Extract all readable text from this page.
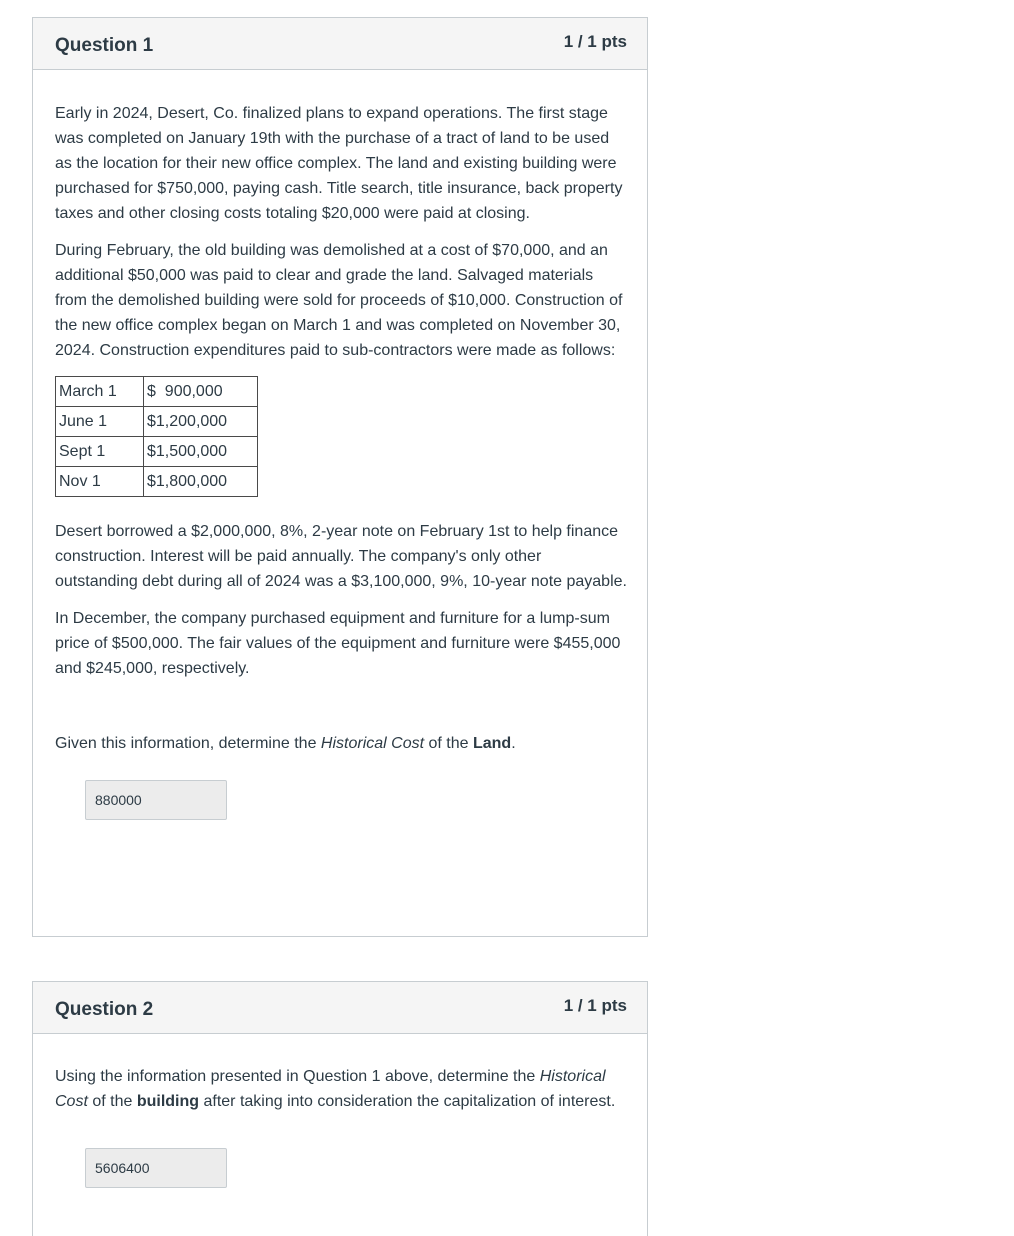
Question 1	1 / 1 pts

Early in 2024, Desert, Co. finalized plans to expand operations. The first stage was completed on January 19th with the purchase of a tract of land to be used as the location for their new office complex. The land and existing building were purchased for $750,000, paying cash. Title search, title insurance, back property taxes and other closing costs totaling $20,000 were paid at closing.

During February, the old building was demolished at a cost of $70,000, and an additional $50,000 was paid to clear and grade the land. Salvaged materials from the demolished building were sold for proceeds of $10,000. Construction of the new office complex began on March 1 and was completed on November 30, 2024. Construction expenditures paid to sub-contractors were made as follows:

March 1	$  900,000
June 1	$1,200,000
Sept 1	$1,500,000
Nov 1	$1,800,000

Desert borrowed a $2,000,000, 8%, 2-year note on February 1st to help finance construction. Interest will be paid annually. The company's only other outstanding debt during all of 2024 was a $3,100,000, 9%, 10-year note payable.

In December, the company purchased equipment and furniture for a lump-sum price of $500,000. The fair values of the equipment and furniture were $455,000 and $245,000, respectively.

Given this information, determine the Historical Cost of the Land.

880000
Question 2	1 / 1 pts

Using the information presented in Question 1 above, determine the Historical Cost of the building after taking into consideration the capitalization of interest.

5606400
